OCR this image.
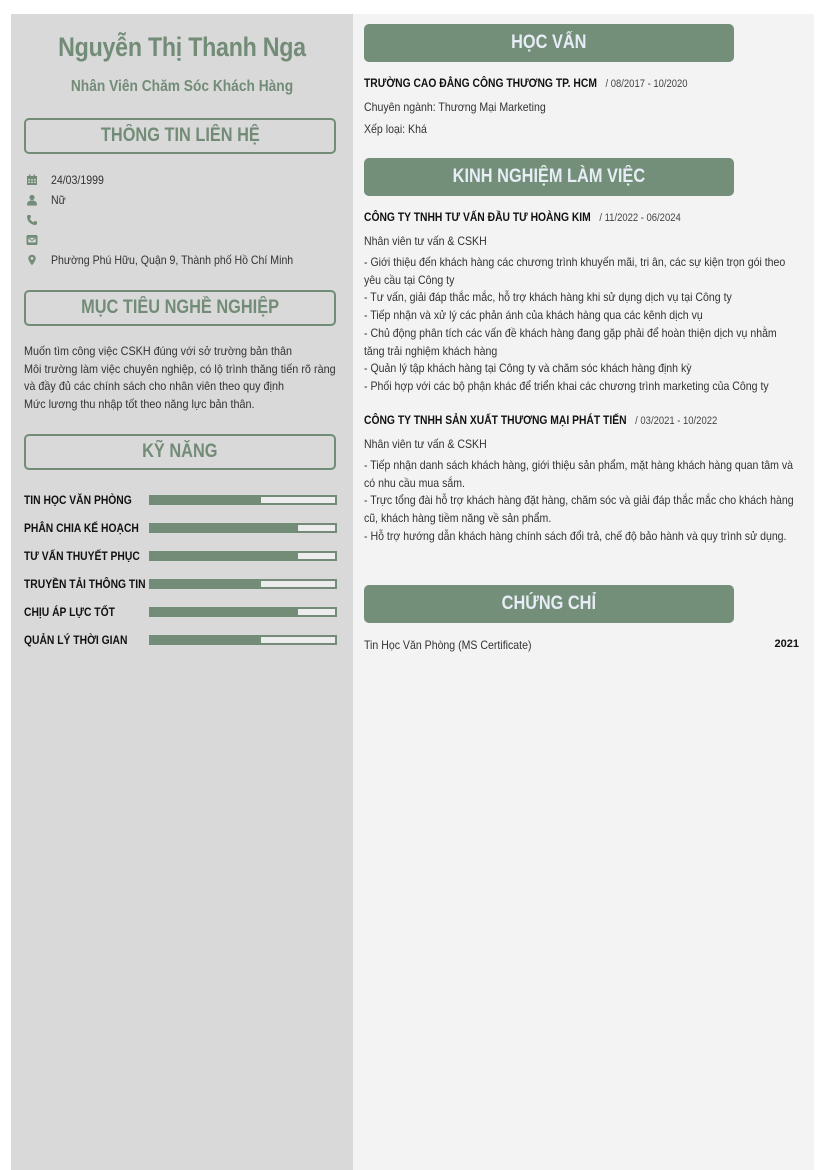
Nguyễn Thị Thanh Nga
Nhân Viên Chăm Sóc Khách Hàng
THÔNG TIN LIÊN HỆ
24/03/1999
Nữ
Phường Phú Hữu, Quận 9, Thành phố Hồ Chí Minh
MỤC TIÊU NGHỀ NGHIỆP

Muốn tìm công việc CSKH đúng với sở trường bản thân

Môi trường làm việc chuyên nghiệp, có lộ trình thăng tiến rõ ràng và đầy đủ các chính sách cho nhân viên theo quy định

Mức lương thu nhập tốt theo năng lực bản thân.

KỸ NĂNG
TIN HỌC VĂN PHÒNG
PHÂN CHIA KẾ HOẠCH
TƯ VẤN THUYẾT PHỤC
TRUYỀN TẢI THÔNG TIN
CHỊU ÁP LỰC TỐT
QUẢN LÝ THỜI GIAN
HỌC VẤN
TRƯỜNG CAO ĐẲNG CÔNG THƯƠNG TP. HCM / 08/2017 - 10/2020
Chuyên ngành: Thương Mại Marketing
Xếp loại: Khá
KINH NGHIỆM LÀM VIỆC
CÔNG TY TNHH TƯ VẤN ĐẦU TƯ HOÀNG KIM / 11/2022 - 06/2024
Nhân viên tư vấn & CSKH
- Giới thiệu đến khách hàng các chương trình khuyến mãi, tri ân, các sự kiện trọn gói theo yêu cầu tại Công ty
- Tư vấn, giải đáp thắc mắc, hỗ trợ khách hàng khi sử dụng dịch vụ tại Công ty
- Tiếp nhận và xử lý các phản ánh của khách hàng qua các kênh dịch vụ
- Chủ động phân tích các vấn đề khách hàng đang gặp phải để hoàn thiện dịch vụ nhằm tăng trải nghiệm khách hàng
- Quản lý tập khách hàng tại Công ty và chăm sóc khách hàng định kỳ
- Phối hợp với các bộ phận khác để triển khai các chương trình marketing của Công ty
CÔNG TY TNHH SẢN XUẤT THƯƠNG MẠI PHÁT TIẾN / 03/2021 - 10/2022
Nhân viên tư vấn & CSKH
- Tiếp nhận danh sách khách hàng, giới thiệu sản phẩm, mặt hàng khách hàng quan tâm và có nhu cầu mua sắm.
- Trực tổng đài hỗ trợ khách hàng đặt hàng, chăm sóc và giải đáp thắc mắc cho khách hàng cũ, khách hàng tiềm năng về sản phẩm.
- Hỗ trợ hướng dẫn khách hàng chính sách đổi trả, chế độ bảo hành và quy trình sử dụng.
CHỨNG CHỈ
Tin Học Văn Phòng (MS Certificate)	2021
